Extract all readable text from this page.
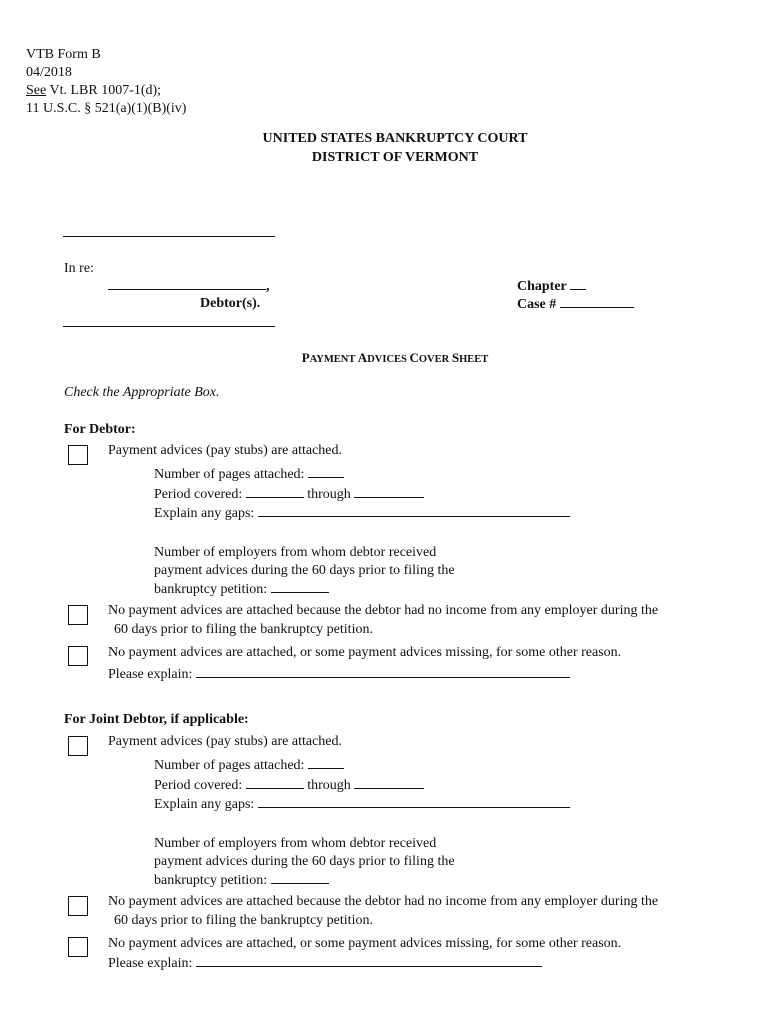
VTB Form B
04/2018
See Vt. LBR 1007-1(d);
11 U.S.C. § 521(a)(1)(B)(iv)
UNITED STATES BANKRUPTCY COURT
DISTRICT OF VERMONT
In re:
,
Debtor(s).
Chapter
Case #
PAYMENT ADVICES COVER SHEET
Check the Appropriate Box.
For Debtor:
Payment advices (pay stubs) are attached.
Number of pages attached:
Period covered:	through
Explain any gaps:
Number of employers from whom debtor received
payment advices during the 60 days prior to filing the
bankruptcy petition:
No payment advices are attached because the debtor had no income from any employer during the
60 days prior to filing the bankruptcy petition.
No payment advices are attached, or some payment advices missing, for some other reason.
Please explain:
For Joint Debtor, if applicable:
Payment advices (pay stubs) are attached.
Number of pages attached:
Period covered:	through
Explain any gaps:
Number of employers from whom debtor received
payment advices during the 60 days prior to filing the
bankruptcy petition:
No payment advices are attached because the debtor had no income from any employer during the
60 days prior to filing the bankruptcy petition.
No payment advices are attached, or some payment advices missing, for some other reason.
Please explain:
